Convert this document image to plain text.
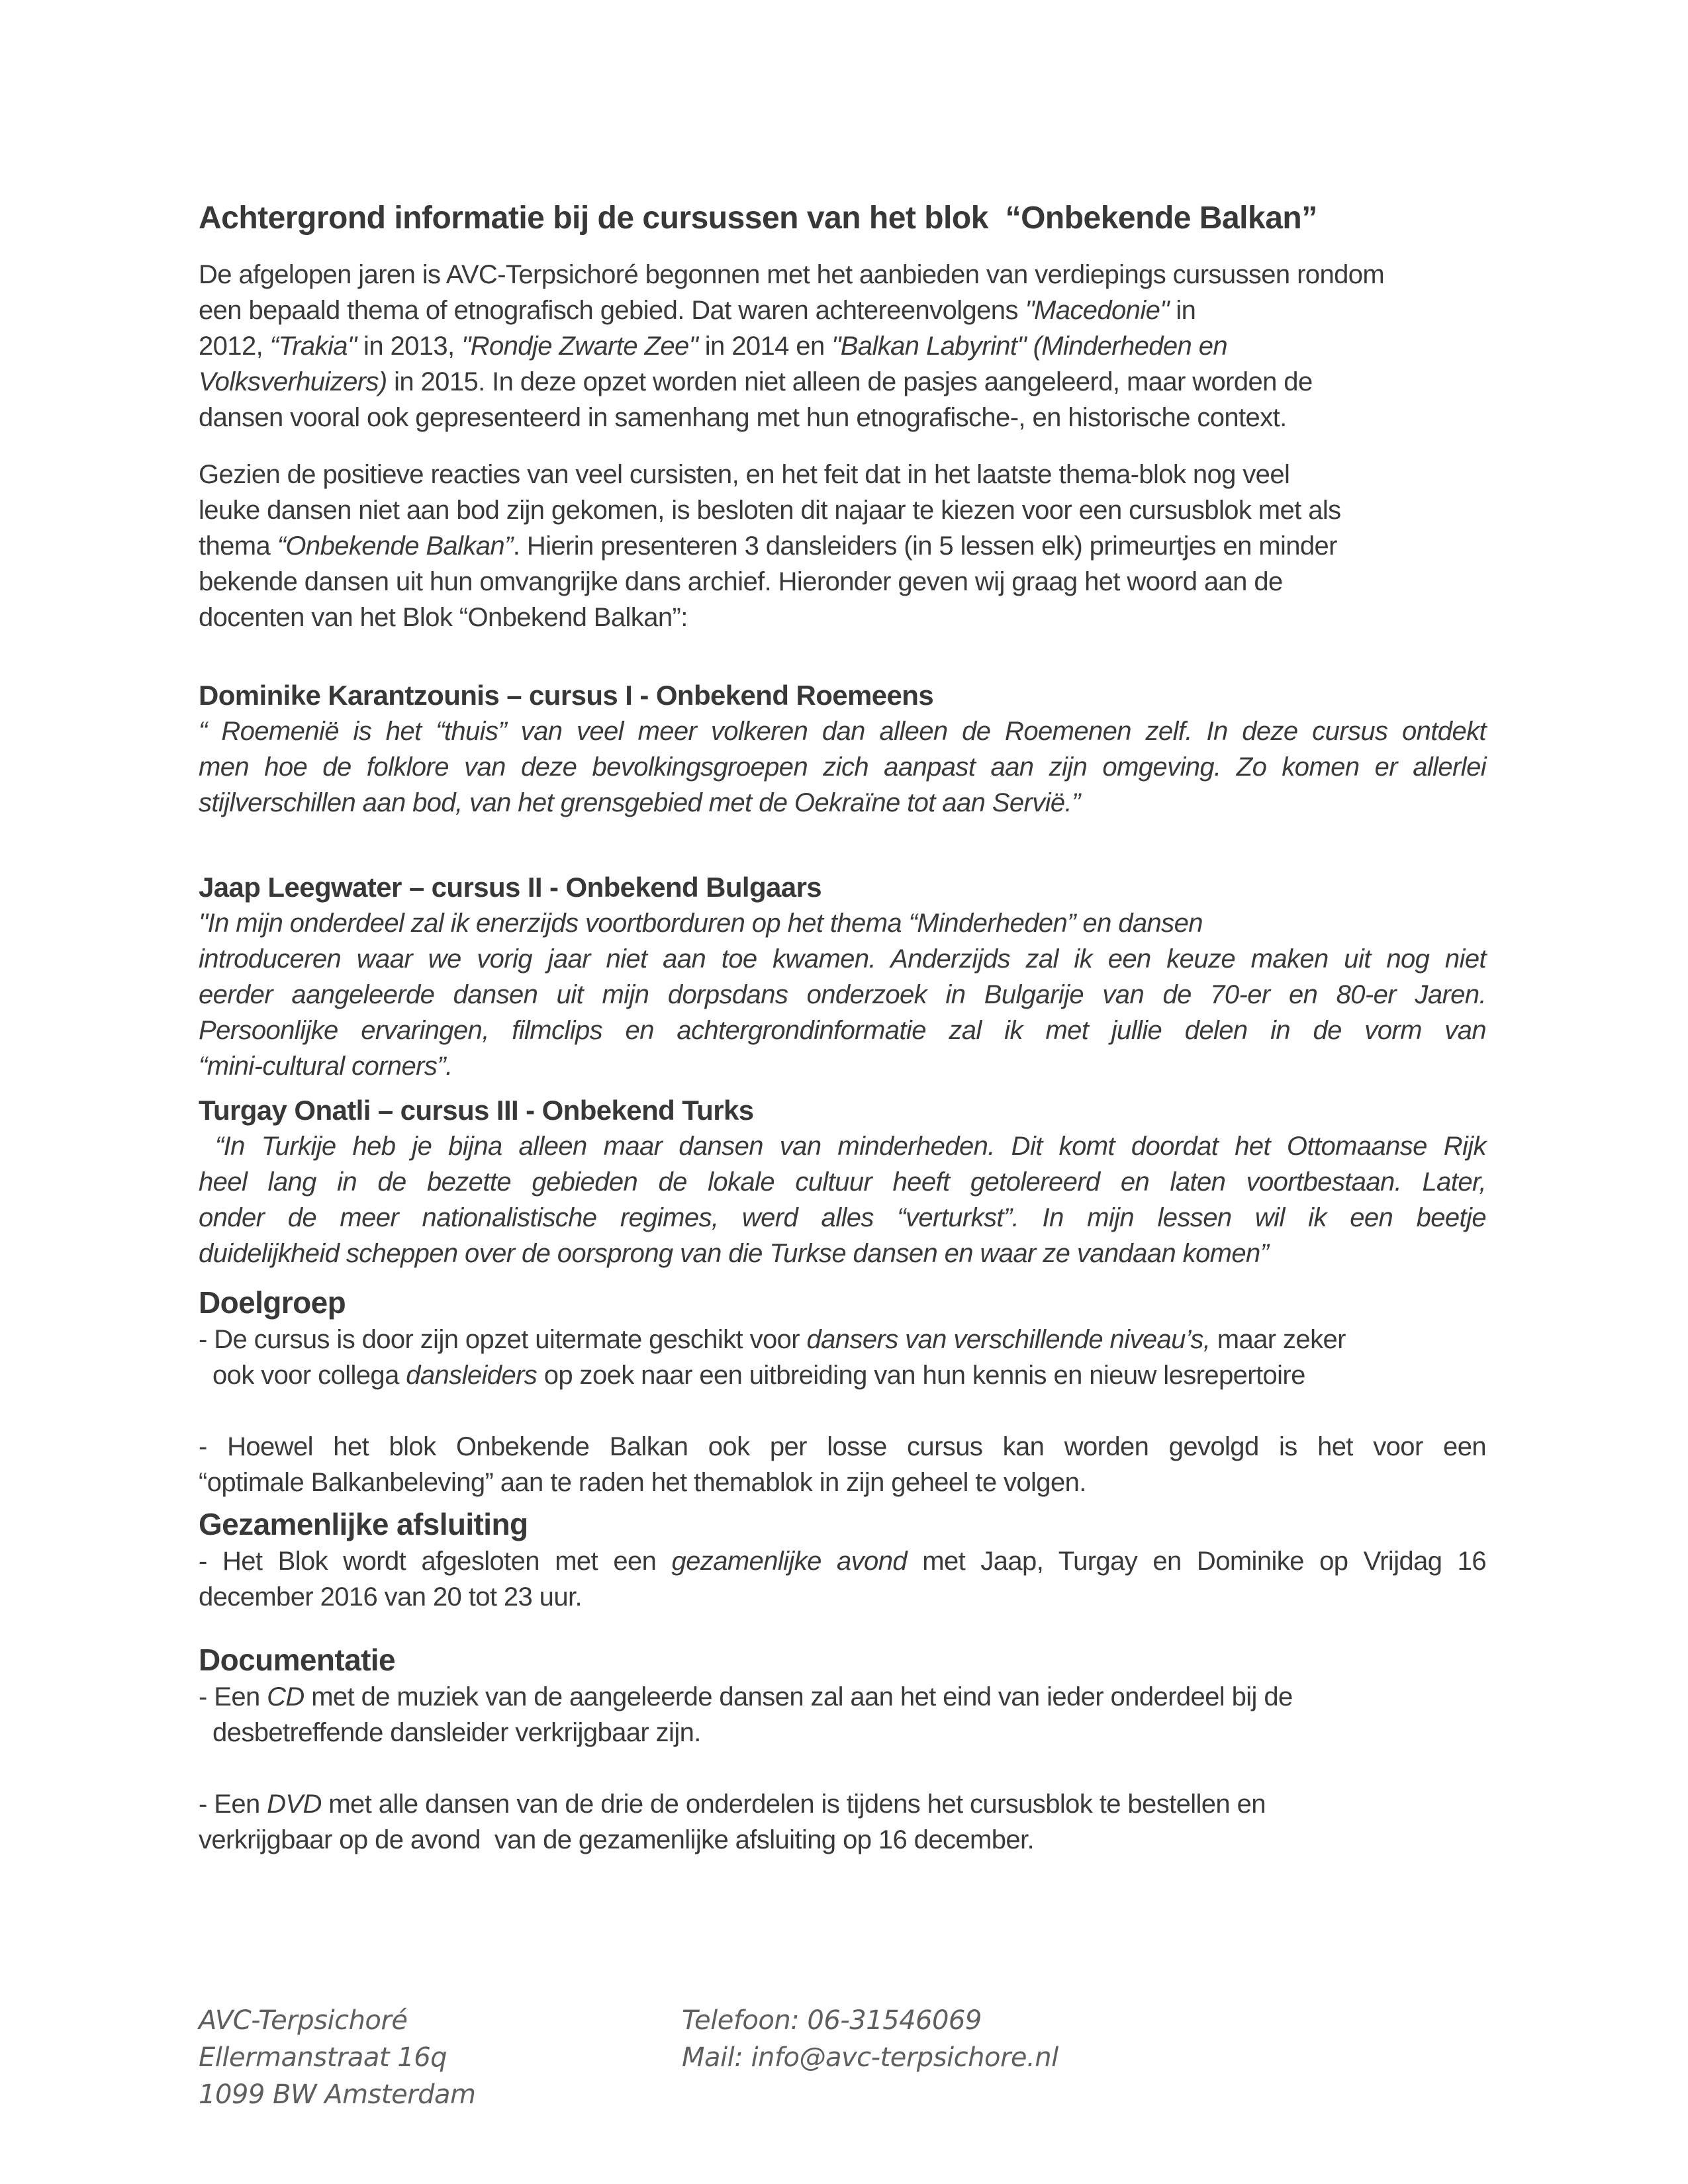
Achtergrond informatie bij de cursussen van het blok  “Onbekende Balkan”
De afgelopen jaren is AVC-Terpsichoré begonnen met het aanbieden van verdiepings cursussen rondom
een bepaald thema of etnografisch gebied. Dat waren achtereenvolgens "Macedonie" in
2012, “Trakia" in 2013, "Rondje Zwarte Zee" in 2014 en "Balkan Labyrint" (Minderheden en
Volksverhuizers) in 2015. In deze opzet worden niet alleen de pasjes aangeleerd, maar worden de
dansen vooral ook gepresenteerd in samenhang met hun etnografische-, en historische context.
Gezien de positieve reacties van veel cursisten, en het feit dat in het laatste thema-blok nog veel
leuke dansen niet aan bod zijn gekomen, is besloten dit najaar te kiezen voor een cursusblok met als
thema “Onbekende Balkan”. Hierin presenteren 3 dansleiders (in 5 lessen elk) primeurtjes en minder
bekende dansen uit hun omvangrijke dans archief. Hieronder geven wij graag het woord aan de
docenten van het Blok “Onbekend Balkan”:
Dominike Karantzounis – cursus I - Onbekend Roemeens
“ Roemenië is het “thuis” van veel meer volkeren dan alleen de Roemenen zelf. In deze cursus ontdekt
men hoe de folklore van deze bevolkingsgroepen zich aanpast aan zijn omgeving. Zo komen er allerlei
stijlverschillen aan bod, van het grensgebied met de Oekraïne tot aan Servië.”
Jaap Leegwater – cursus II - Onbekend Bulgaars
"In mijn onderdeel zal ik enerzijds voortborduren op het thema “Minderheden” en dansen
introduceren waar we vorig jaar niet aan toe kwamen. Anderzijds zal ik een keuze maken uit nog niet
eerder aangeleerde dansen uit mijn dorpsdans onderzoek in Bulgarije van de 70-er en 80-er Jaren.
Persoonlijke ervaringen, filmclips en achtergrondinformatie zal ik met jullie delen in de vorm van
“mini-cultural corners”.
Turgay Onatli – cursus III - Onbekend Turks
“In Turkije heb je bijna alleen maar dansen van minderheden. Dit komt doordat het Ottomaanse Rijk
heel lang in de bezette gebieden de lokale cultuur heeft getolereerd en laten voortbestaan. Later,
onder de meer nationalistische regimes, werd alles “verturkst”. In mijn lessen wil ik een beetje
duidelijkheid scheppen over de oorsprong van die Turkse dansen en waar ze vandaan komen”
Doelgroep
- De cursus is door zijn opzet uitermate geschikt voor dansers van verschillende niveau’s, maar zeker
ook voor collega dansleiders op zoek naar een uitbreiding van hun kennis en nieuw lesrepertoire
- Hoewel het blok Onbekende Balkan ook per losse cursus kan worden gevolgd is het voor een
“optimale Balkanbeleving” aan te raden het themablok in zijn geheel te volgen.
Gezamenlijke afsluiting
- Het Blok wordt afgesloten met een gezamenlijke avond met Jaap, Turgay en Dominike op Vrijdag 16
december 2016 van 20 tot 23 uur.
Documentatie
- Een CD met de muziek van de aangeleerde dansen zal aan het eind van ieder onderdeel bij de
desbetreffende dansleider verkrijgbaar zijn.
- Een DVD met alle dansen van de drie de onderdelen is tijdens het cursusblok te bestellen en
verkrijgbaar op de avond  van de gezamenlijke afsluiting op 16 december.
AVC-Terpsichoré
Ellermanstraat 16q
1099 BW Amsterdam
Telefoon: 06-31546069
Mail: info@avc-terpsichore.nl
